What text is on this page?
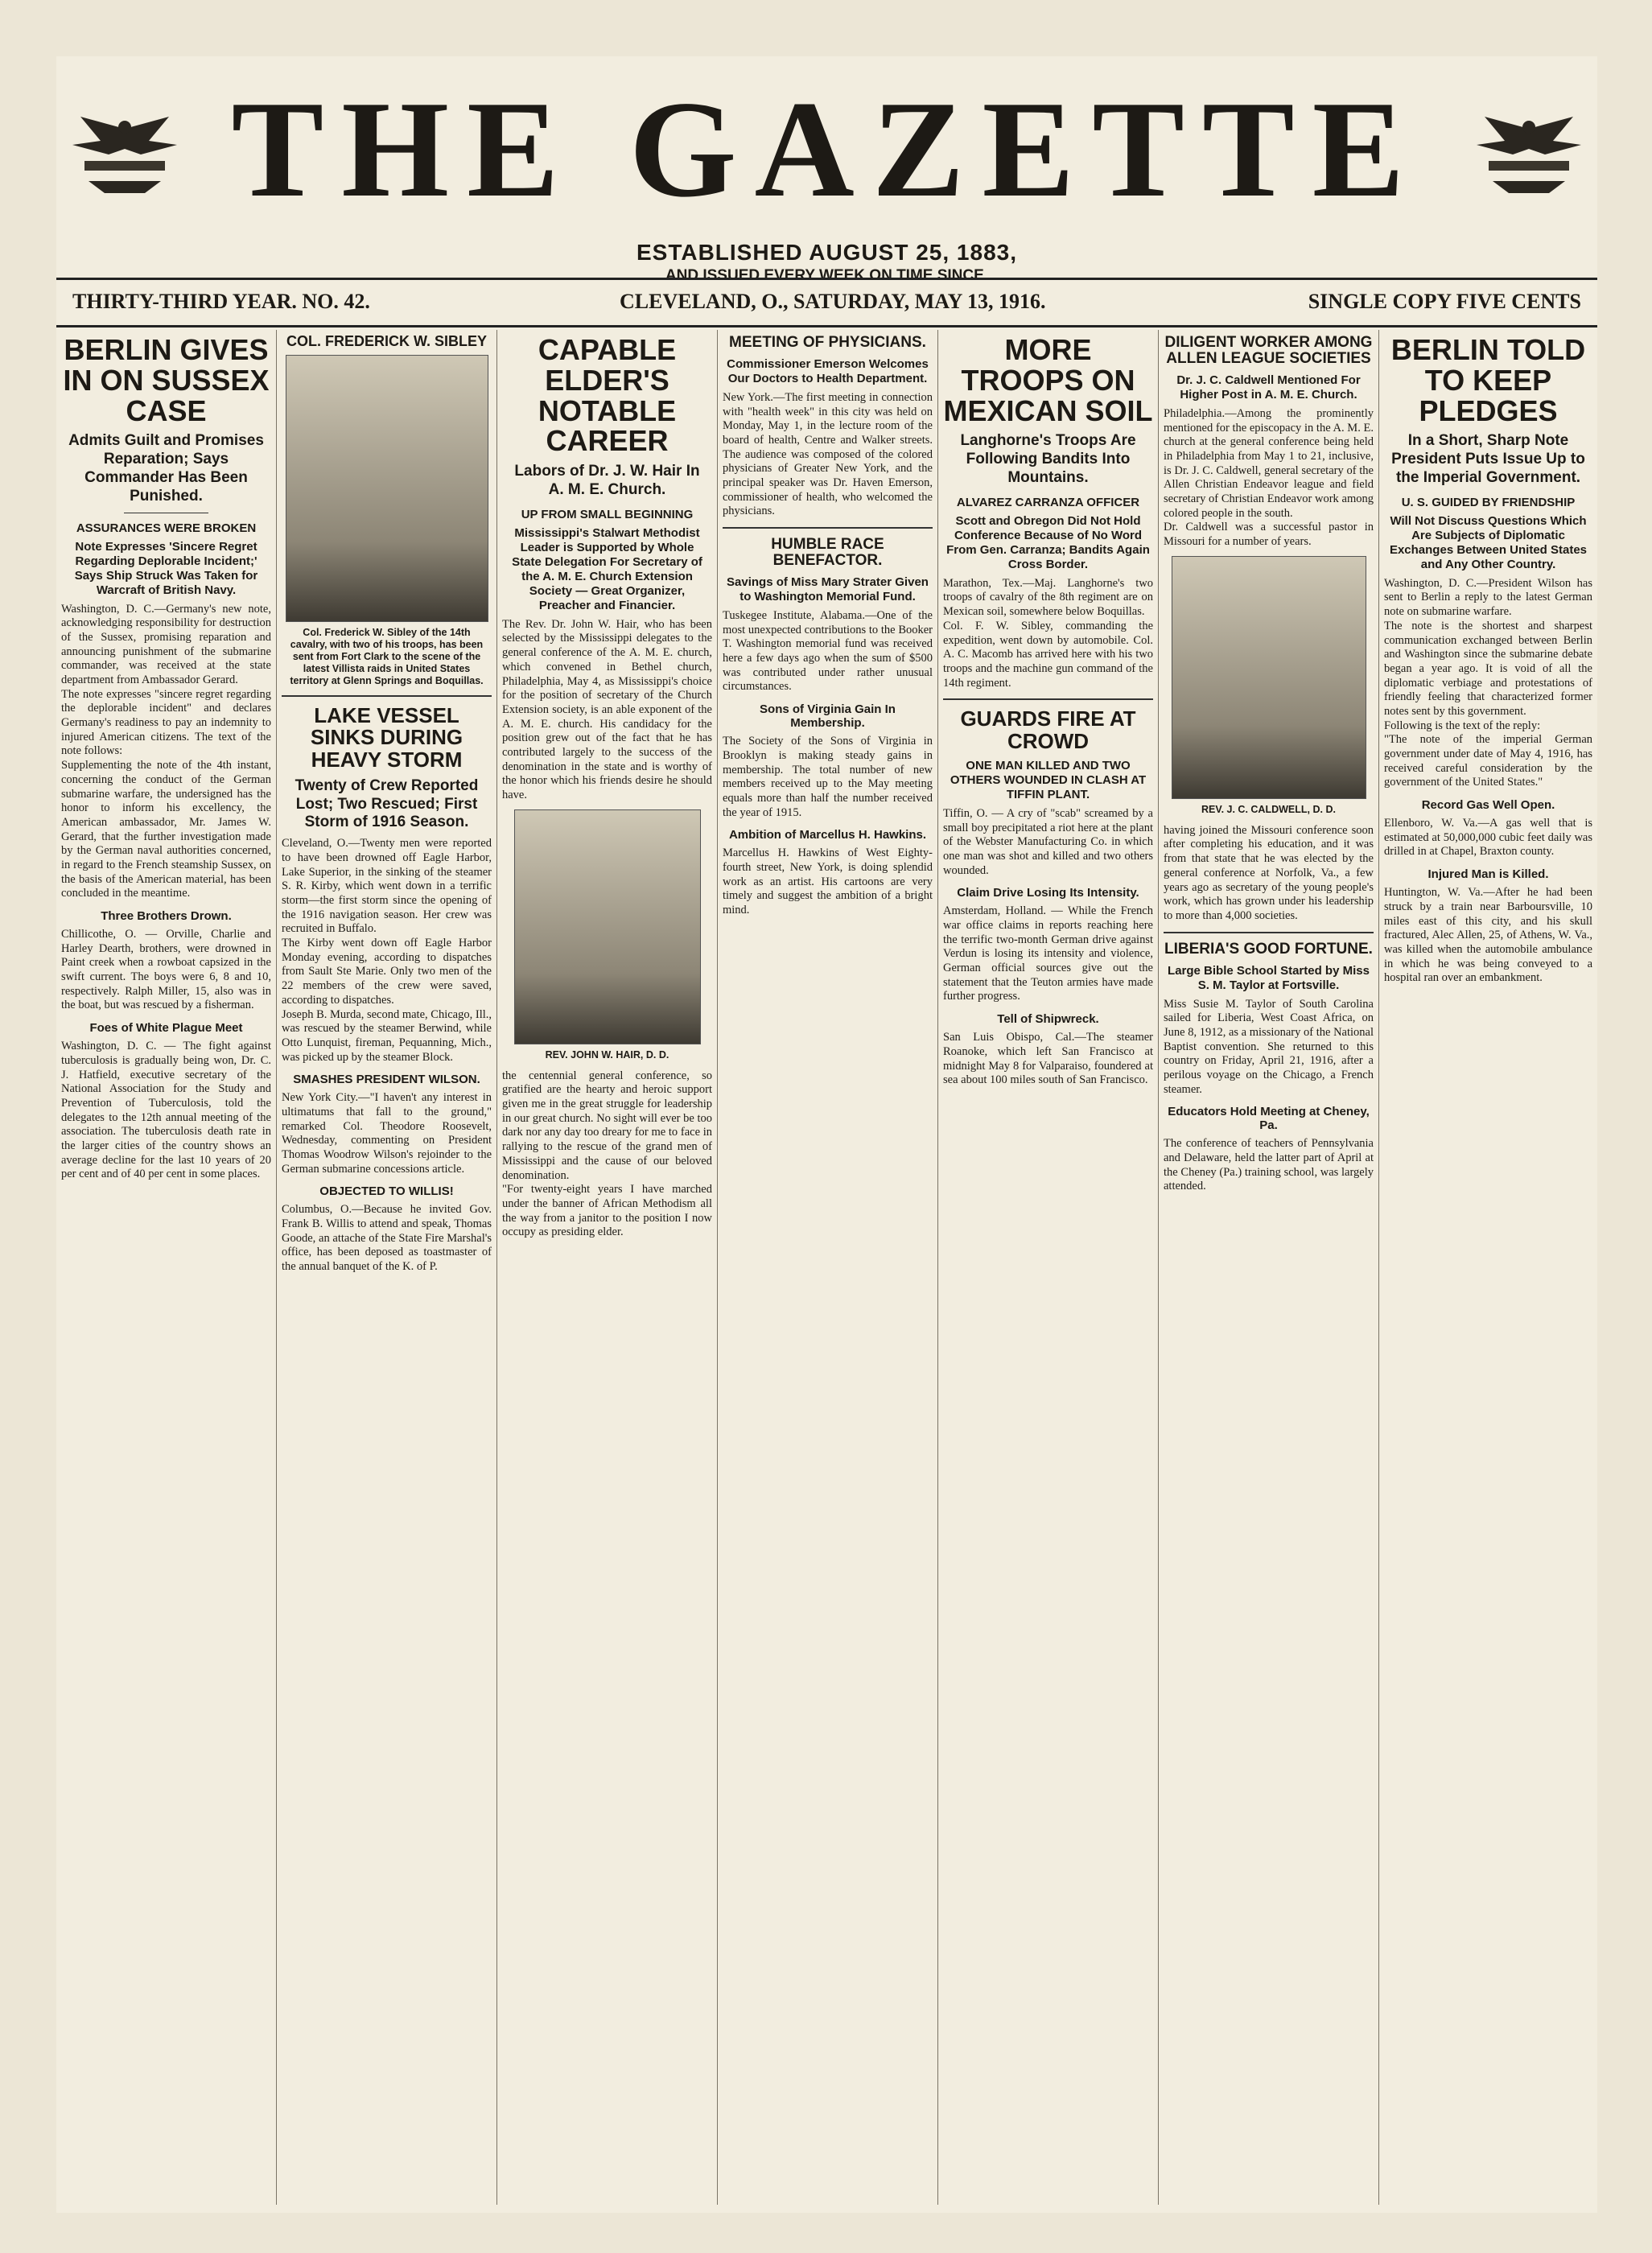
THE GAZETTE
ESTABLISHED AUGUST 25, 1883,
AND ISSUED EVERY WEEK ON TIME SINCE.
THIRTY-THIRD YEAR. NO. 42.	CLEVELAND, O., SATURDAY, MAY 13, 1916.	SINGLE COPY FIVE CENTS
BERLIN GIVES IN ON SUSSEX CASE
Admits Guilt and Promises Reparation; Says Commander Has Been Punished.
ASSURANCES WERE BROKEN
Note Expresses 'Sincere Regret Regarding Deplorable Incident;' Says Ship Struck Was Taken for Warcraft of British Navy.
Washington, D. C.—Germany's new note, acknowledging responsibility for destruction of the Sussex, promising reparation and announcing punishment of the submarine commander, was received at the state department from Ambassador Gerard.
The note expresses "sincere regret regarding the deplorable incident" and declares Germany's readiness to pay an indemnity to injured American citizens. The text of the note follows:
Supplementing the note of the 4th instant, concerning the conduct of the German submarine warfare, the undersigned has the honor to inform his excellency, the American ambassador, Mr. James W. Gerard, that the further investigation made by the German naval authorities concerned, in regard to the French steamship Sussex, on the basis of the American material, has been concluded in the meantime.
Three Brothers Drown.
Chillicothe, O. — Orville, Charlie and Harley Dearth, brothers, were drowned in Paint creek when a rowboat capsized in the swift current. The boys were 6, 8 and 10, respectively. Ralph Miller, 15, also was in the boat, but was rescued by a fisherman.
Foes of White Plague Meet
Washington, D. C. — The fight against tuberculosis is gradually being won, Dr. C. J. Hatfield, executive secretary of the National Association for the Study and Prevention of Tuberculosis, told the delegates to the 12th annual meeting of the association. The tuberculosis death rate in the larger cities of the country shows an average decline for the last 10 years of 20 per cent and of 40 per cent in some places.
COL. FREDERICK W. SIBLEY
Col. Frederick W. Sibley of the 14th cavalry, with two of his troops, has been sent from Fort Clark to the scene of the latest Villista raids in United States territory at Glenn Springs and Boquillas.
LAKE VESSEL SINKS DURING HEAVY STORM
Twenty of Crew Reported Lost; Two Rescued; First Storm of 1916 Season.
Cleveland, O.—Twenty men were reported to have been drowned off Eagle Harbor, Lake Superior, in the sinking of the steamer S. R. Kirby, which went down in a terrific storm—the first storm since the opening of the 1916 navigation season. Her crew was recruited in Buffalo.
The Kirby went down off Eagle Harbor Monday evening, according to dispatches from Sault Ste Marie. Only two men of the 22 members of the crew were saved, according to dispatches.
Joseph B. Murda, second mate, Chicago, Ill., was rescued by the steamer Berwind, while Otto Lunquist, fireman, Pequanning, Mich., was picked up by the steamer Block.
SMASHES PRESIDENT WILSON.
New York City.—"I haven't any interest in ultimatums that fall to the ground," remarked Col. Theodore Roosevelt, Wednesday, commenting on President Thomas Woodrow Wilson's rejoinder to the German submarine concessions article.
OBJECTED TO WILLIS!
Columbus, O.—Because he invited Gov. Frank B. Willis to attend and speak, Thomas Goode, an attache of the State Fire Marshal's office, has been deposed as toastmaster of the annual banquet of the K. of P.
CAPABLE ELDER'S NOTABLE CAREER
Labors of Dr. J. W. Hair In A. M. E. Church.
UP FROM SMALL BEGINNING
Mississippi's Stalwart Methodist Leader is Supported by Whole State Delegation For Secretary of the A. M. E. Church Extension Society — Great Organizer, Preacher and Financier.
The Rev. Dr. John W. Hair, who has been selected by the Mississippi delegates to the general conference of the A. M. E. church, which convened in Bethel church, Philadelphia, May 4, as Mississippi's choice for the position of secretary of the Church Extension society, is an able exponent of the A. M. E. church. His candidacy for the position grew out of the fact that he has contributed largely to the success of the denomination in the state and is worthy of the honor which his friends desire he should have.
REV. JOHN W. HAIR, D. D.
the centennial general conference, so gratified are the hearty and heroic support given me in the great struggle for leadership in our great church. No sight will ever be too dark nor any day too dreary for me to face in rallying to the rescue of the grand men of Mississippi and the cause of our beloved denomination.
"For twenty-eight years I have marched under the banner of African Methodism all the way from a janitor to the position I now occupy as presiding elder.
MEETING OF PHYSICIANS.
Commissioner Emerson Welcomes Our Doctors to Health Department.
New York.—The first meeting in connection with "health week" in this city was held on Monday, May 1, in the lecture room of the board of health, Centre and Walker streets. The audience was composed of the colored physicians of Greater New York, and the principal speaker was Dr. Haven Emerson, commissioner of health, who welcomed the physicians.
HUMBLE RACE BENEFACTOR.
Savings of Miss Mary Strater Given to Washington Memorial Fund.
Tuskegee Institute, Alabama.—One of the most unexpected contributions to the Booker T. Washington memorial fund was received here a few days ago when the sum of $500 was contributed under rather unusual circumstances.
Sons of Virginia Gain In Membership.
The Society of the Sons of Virginia in Brooklyn is making steady gains in membership. The total number of new members received up to the May meeting equals more than half the number received the year of 1915.
Ambition of Marcellus H. Hawkins.
Marcellus H. Hawkins of West Eighty-fourth street, New York, is doing splendid work as an artist. His cartoons are very timely and suggest the ambition of a bright mind.
MORE TROOPS ON MEXICAN SOIL
Langhorne's Troops Are Following Bandits Into Mountains.
ALVAREZ CARRANZA OFFICER
Scott and Obregon Did Not Hold Conference Because of No Word From Gen. Carranza; Bandits Again Cross Border.
Marathon, Tex.—Maj. Langhorne's two troops of cavalry of the 8th regiment are on Mexican soil, somewhere below Boquillas.
Col. F. W. Sibley, commanding the expedition, went down by automobile. Col. A. C. Macomb has arrived here with his two troops and the machine gun command of the 14th regiment.
GUARDS FIRE AT CROWD
ONE MAN KILLED AND TWO OTHERS WOUNDED IN CLASH AT TIFFIN PLANT.
Tiffin, O. — A cry of "scab" screamed by a small boy precipitated a riot here at the plant of the Webster Manufacturing Co. in which one man was shot and killed and two others wounded.
Claim Drive Losing Its Intensity.
Amsterdam, Holland. — While the French war office claims in reports reaching here the terrific two-month German drive against Verdun is losing its intensity and violence, German official sources give out the statement that the Teuton armies have made further progress.
Tell of Shipwreck.
San Luis Obispo, Cal.—The steamer Roanoke, which left San Francisco at midnight May 8 for Valparaiso, foundered at sea about 100 miles south of San Francisco.
DILIGENT WORKER AMONG ALLEN LEAGUE SOCIETIES
Dr. J. C. Caldwell Mentioned For Higher Post in A. M. E. Church.
Philadelphia.—Among the prominently mentioned for the episcopacy in the A. M. E. church at the general conference being held in Philadelphia from May 1 to 21, inclusive, is Dr. J. C. Caldwell, general secretary of the Allen Christian Endeavor league and field secretary of Christian Endeavor work among colored people in the south.
Dr. Caldwell was a successful pastor in Missouri for a number of years.
REV. J. C. CALDWELL, D. D.
having joined the Missouri conference soon after completing his education, and it was from that state that he was elected by the general conference at Norfolk, Va., a few years ago as secretary of the young people's work, which has grown under his leadership to more than 4,000 societies.
LIBERIA'S GOOD FORTUNE.
Large Bible School Started by Miss S. M. Taylor at Fortsville.
Miss Susie M. Taylor of South Carolina sailed for Liberia, West Coast Africa, on June 8, 1912, as a missionary of the National Baptist convention. She returned to this country on Friday, April 21, 1916, after a perilous voyage on the Chicago, a French steamer.
Educators Hold Meeting at Cheney, Pa.
The conference of teachers of Pennsylvania and Delaware, held the latter part of April at the Cheney (Pa.) training school, was largely attended.
BERLIN TOLD TO KEEP PLEDGES
In a Short, Sharp Note President Puts Issue Up to the Imperial Government.
U. S. GUIDED BY FRIENDSHIP
Will Not Discuss Questions Which Are Subjects of Diplomatic Exchanges Between United States and Any Other Country.
Washington, D. C.—President Wilson has sent to Berlin a reply to the latest German note on submarine warfare.
The note is the shortest and sharpest communication exchanged between Berlin and Washington since the submarine debate began a year ago. It is void of all the diplomatic verbiage and protestations of friendly feeling that characterized former notes sent by this government.
Following is the text of the reply:
"The note of the imperial German government under date of May 4, 1916, has received careful consideration by the government of the United States."
Record Gas Well Open.
Ellenboro, W. Va.—A gas well that is estimated at 50,000,000 cubic feet daily was drilled in at Chapel, Braxton county.
Injured Man is Killed.
Huntington, W. Va.—After he had been struck by a train near Barboursville, 10 miles east of this city, and his skull fractured, Alec Allen, 25, of Athens, W. Va., was killed when the automobile ambulance in which he was being conveyed to a hospital ran over an embankment.
